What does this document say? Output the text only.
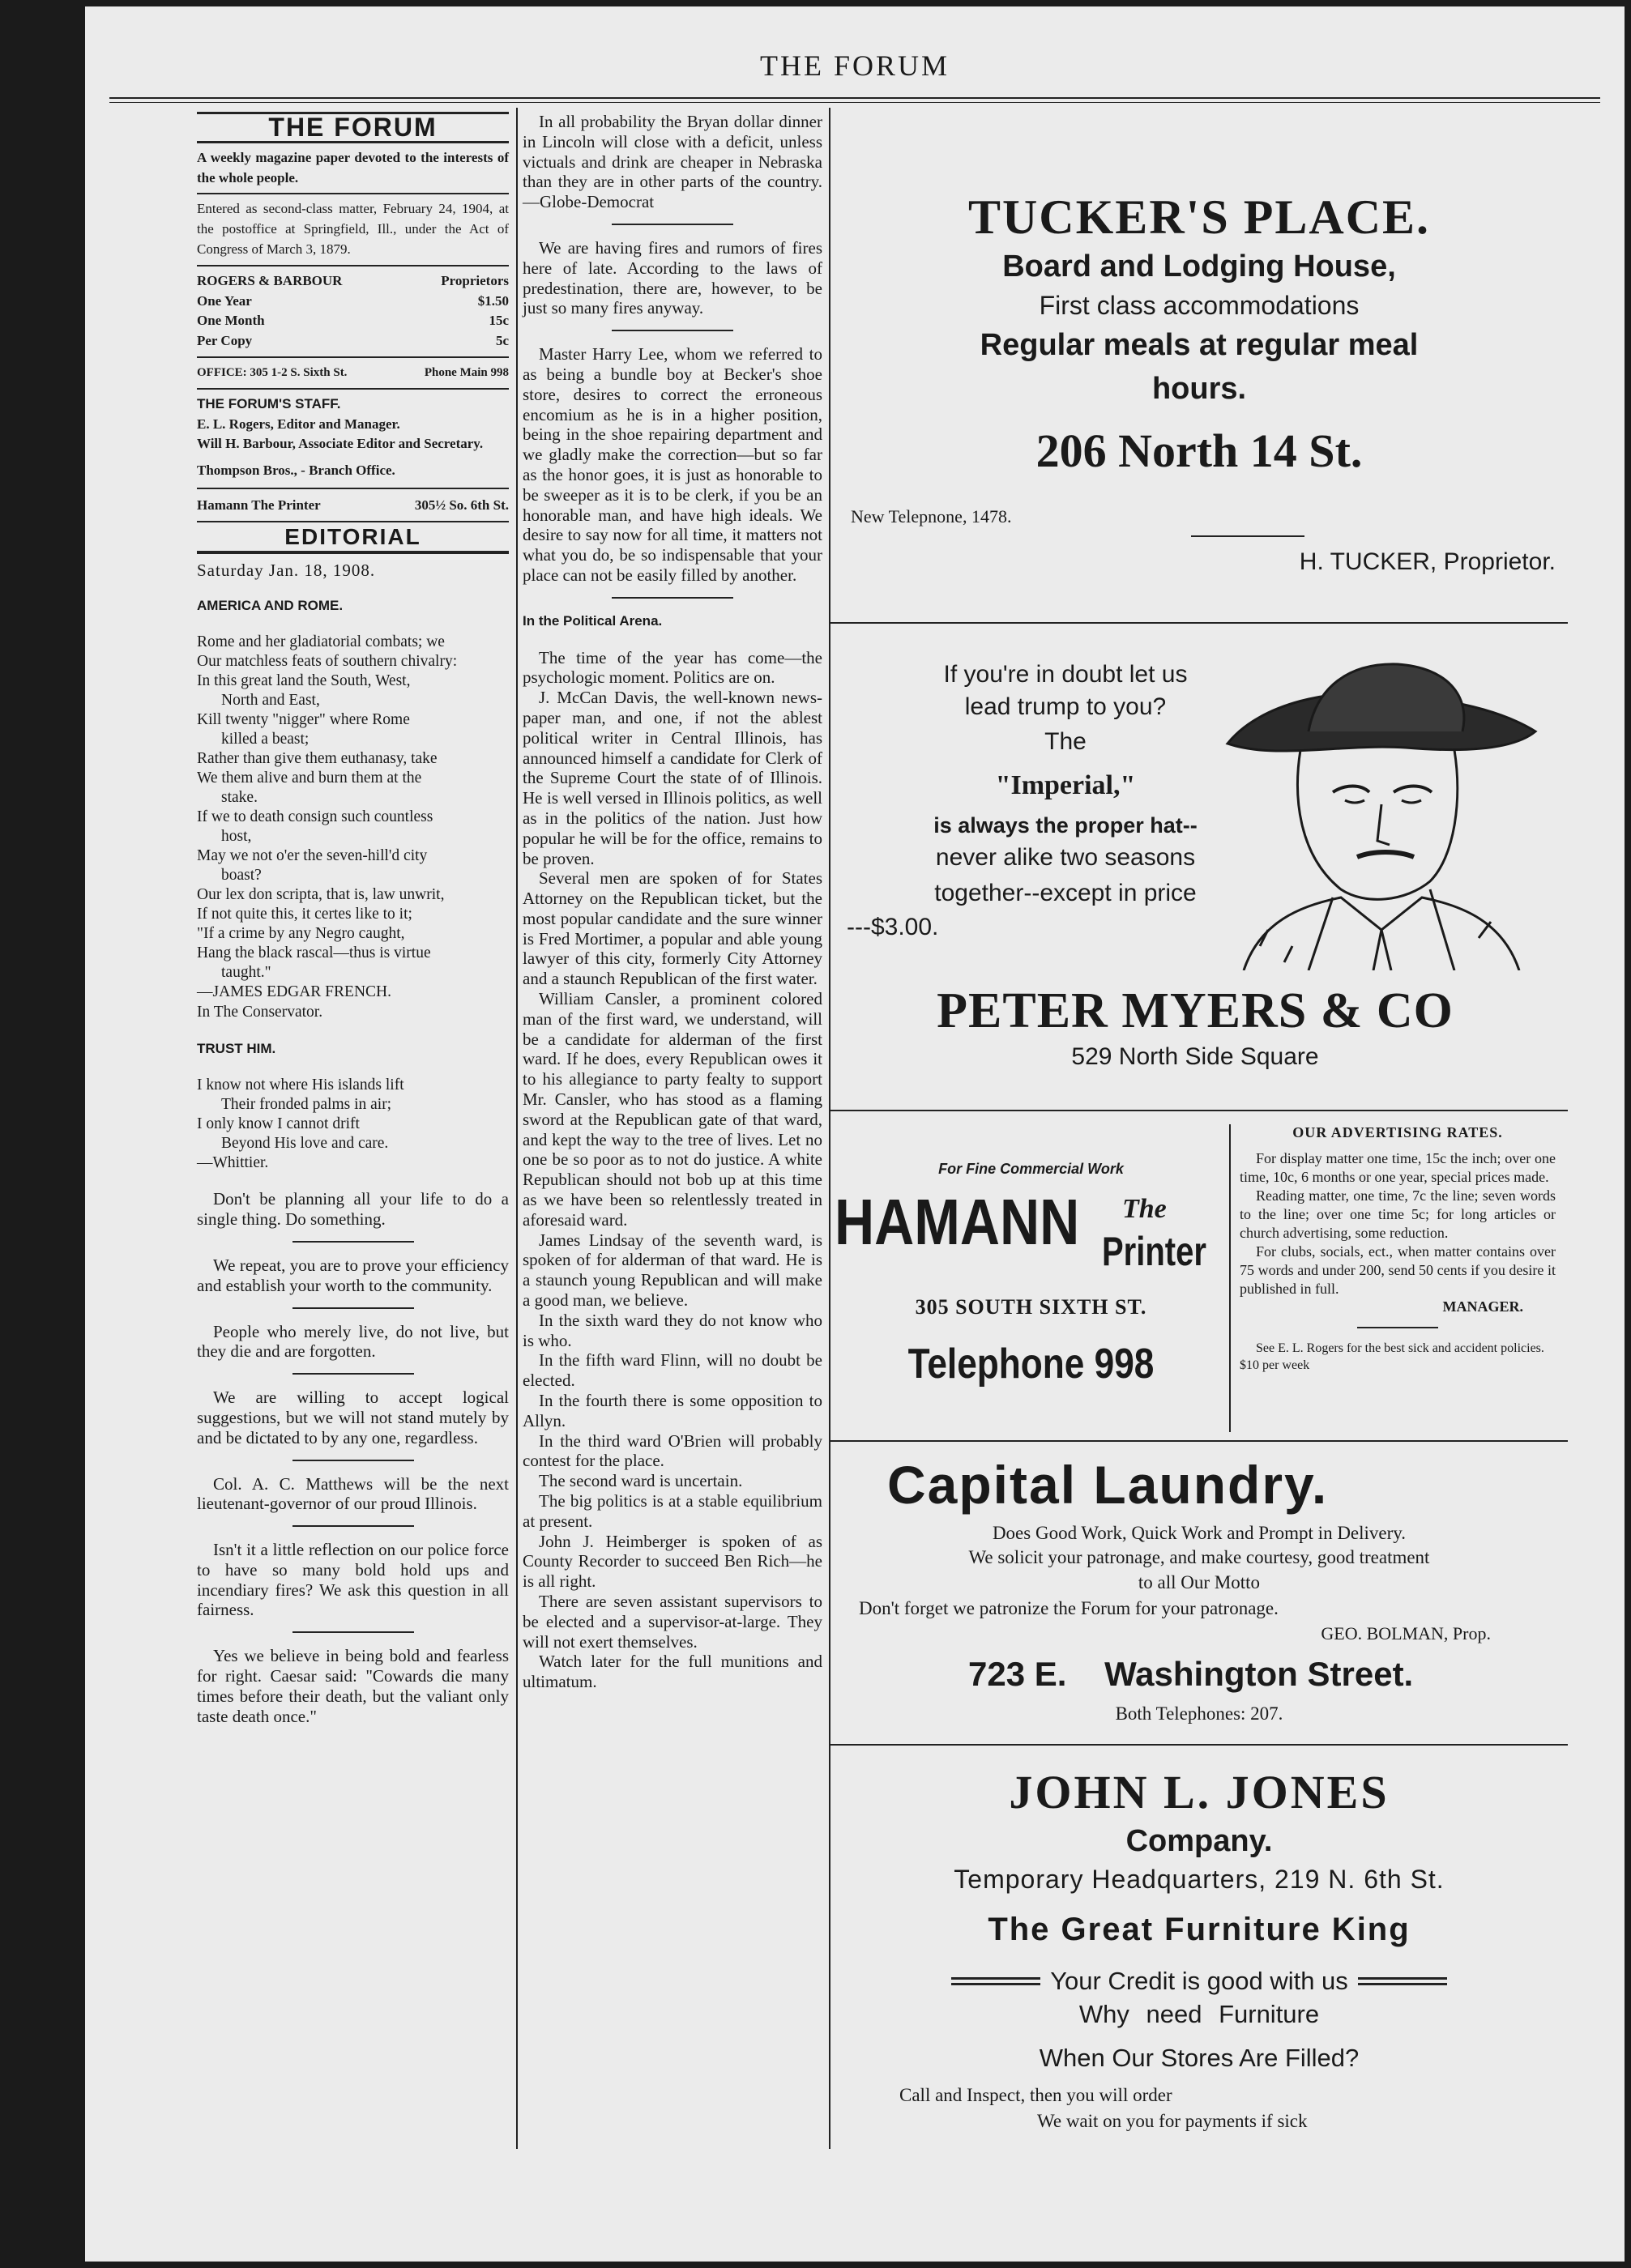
THE FORUM
THE FORUM

A weekly magazine paper devoted to the interests of the whole people.

Entered as second-class matter, February 24, 1904, at the postoffice at Springfield, Ill., under the Act of Congress of March 3, 1879.

ROGERS & BARBOUR	Proprietors
One Year	$1.50
One Month	15c
Per Copy	5c
OFFICE: 305 1-2 S. Sixth St.	Phone Main 998

THE FORUM'S STAFF.

E. L. Rogers, Editor and Manager.

Will H. Barbour, Associate Editor and Secretary.

Thompson Bros., - Branch Office.

Hamann The Printer	305½ So. 6th St.
EDITORIAL

Saturday Jan. 18, 1908.

AMERICA AND ROME.

Rome and her gladiatorial combats; we

Our matchless feats of southern chivalry:

In this great land the South, West,

North and East,

Kill twenty "nigger" where Rome

killed a beast;

Rather than give them euthanasy, take

We them alive and burn them at the

stake.

If we to death consign such countless

host,

May we not o'er the seven-hill'd city

boast?

Our lex don scripta, that is, law unwrit,

If not quite this, it certes like to it;

"If a crime by any Negro caught,

Hang the black rascal—thus is virtue

taught."

—JAMES EDGAR FRENCH.

In The Conservator.

TRUST HIM.

I know not where His islands lift

Their fronded palms in air;

I only know I cannot drift

Beyond His love and care.

—Whittier.

Don't be planning all your life to do a single thing. Do something.

We repeat, you are to prove your efficiency and establish your worth to the community.

People who merely live, do not live, but they die and are forgotten.

We are willing to accept logical suggestions, but we will not stand mutely by and be dictated to by any one, regardless.

Col. A. C. Matthews will be the next lieutenant-governor of our proud Illinois.

Isn't it a little reflection on our police force to have so many bold hold ups and incendiary fires? We ask this question in all fairness.

Yes we believe in being bold and fearless for right. Caesar said: "Cowards die many times before their death, but the valiant only taste death once."

In all probability the Bryan dollar dinner in Lincoln will close with a deficit, unless victuals and drink are cheaper in Nebraska than they are in other parts of the country.—Globe-Democrat

We are having fires and rumors of fires here of late. According to the laws of predestination, there are, however, to be just so many fires anyway.

Master Harry Lee, whom we referred to as being a bundle boy at Becker's shoe store, desires to correct the erroneous encomium as he is in a higher position, being in the shoe repairing department and we gladly make the correction—but so far as the honor goes, it is just as honorable to be sweeper as it is to be clerk, if you be an honorable man, and have high ideals. We desire to say now for all time, it matters not what you do, be so indispensable that your place can not be easily filled by another.

In the Political Arena.

The time of the year has come—the psychologic moment. Politics are on.

J. McCan Davis, the well-known news-paper man, and one, if not the ablest political writer in Central Illinois, has announced himself a candidate for Clerk of the Supreme Court the state of of Illinois. He is well versed in Illinois politics, as well as in the politics of the nation. Just how popular he will be for the office, remains to be proven.

Several men are spoken of for States Attorney on the Republican ticket, but the most popular candidate and the sure winner is Fred Mortimer, a popular and able young lawyer of this city, formerly City Attorney and a staunch Republican of the first water.

William Cansler, a prominent colored man of the first ward, we understand, will be a candidate for alderman of the first ward. If he does, every Republican owes it to his allegiance to party fealty to support Mr. Cansler, who has stood as a flaming sword at the Republican gate of that ward, and kept the way to the tree of lives. Let no one be so poor as to not do justice. A white Republican should not bob up at this time as we have been so relentlessly treated in aforesaid ward.

James Lindsay of the seventh ward, is spoken of for alderman of that ward. He is a staunch young Republican and will make a good man, we believe.

In the sixth ward they do not know who is who.

In the fifth ward Flinn, will no doubt be elected.

In the fourth there is some opposition to Allyn.

In the third ward O'Brien will probably contest for the place.

The second ward is uncertain.

The big politics is at a stable equilibrium at present.

John J. Heimberger is spoken of as County Recorder to succeed Ben Rich—he is all right.

There are seven assistant supervisors to be elected and a supervisor-at-large. They will not exert themselves.

Watch later for the full munitions and ultimatum.

TUCKER'S PLACE.
Board and Lodging House,
First class accommodations
Regular meals at regular meal
hours.
206 North 14 St.
New Telepnone, 1478.
H. TUCKER, Proprietor.
If you're in doubt let us
lead trump to you?
The
"Imperial,"
is always the proper hat--
never alike two seasons
together--except in price
---$3.00.
PETER MYERS & CO
529 North Side Square
For Fine Commercial Work
HAMANN The
Printer
305 SOUTH SIXTH ST.
Telephone 998
OUR ADVERTISING RATES.

For display matter one time, 15c the inch; over one time, 10c, 6 months or one year, special prices made.

Reading matter, one time, 7c the line; seven words to the line; over one time 5c; for long articles or church advertising, some reduction.

For clubs, socials, ect., when matter contains over 75 words and under 200, send 50 cents if you desire it published in full.

MANAGER.
See E. L. Rogers for the best sick and accident policies. $10 per week
Capital Laundry.
Does Good Work, Quick Work and Prompt in Delivery.
We solicit your patronage, and make courtesy, good treatment
to all Our Motto
Don't forget we patronize the Forum for your patronage.
GEO. BOLMAN, Prop.
723 E.    Washington Street.
Both Telephones: 207.
JOHN L. JONES
Company.
Temporary Headquarters, 219 N. 6th St.
The Great Furniture King
Your Credit is good with us
Why need Furniture
When Our Stores Are Filled?
Call and Inspect, then you will order
We wait on you for payments if sick
